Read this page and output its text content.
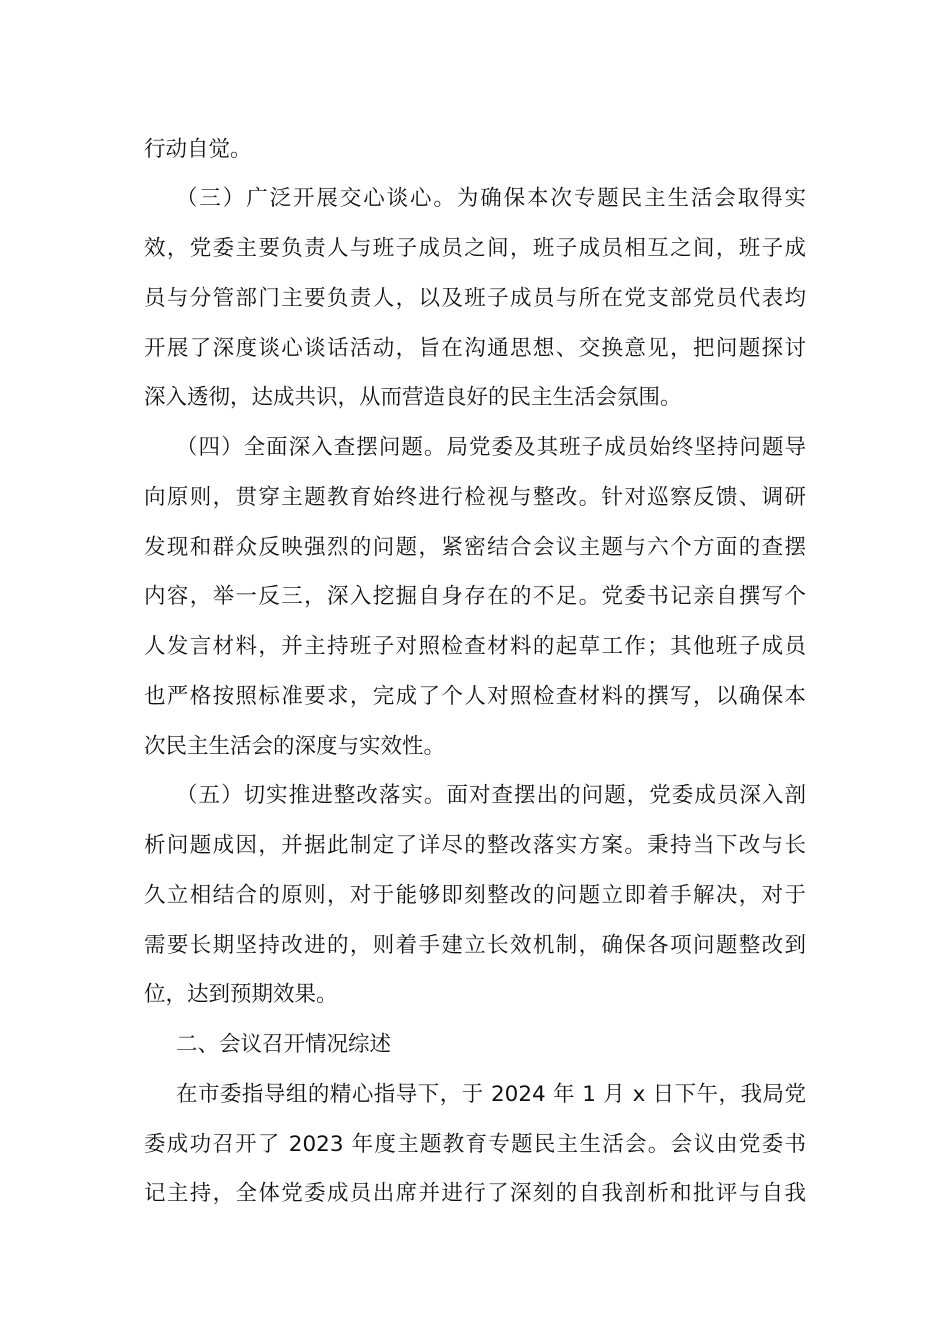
行动自觉。
（三）广泛开展交心谈心。为确保本次专题民主生活会取得实
效，党委主要负责人与班子成员之间，班子成员相互之间，班子成
员与分管部门主要负责人，以及班子成员与所在党支部党员代表均
开展了深度谈心谈话活动，旨在沟通思想、交换意见，把问题探讨
深入透彻，达成共识，从而营造良好的民主生活会氛围。
（四）全面深入查摆问题。局党委及其班子成员始终坚持问题导
向原则，贯穿主题教育始终进行检视与整改。针对巡察反馈、调研
发现和群众反映强烈的问题，紧密结合会议主题与六个方面的查摆
内容，举一反三，深入挖掘自身存在的不足。党委书记亲自撰写个
人发言材料，并主持班子对照检查材料的起草工作；其他班子成员
也严格按照标准要求，完成了个人对照检查材料的撰写，以确保本
次民主生活会的深度与实效性。
（五）切实推进整改落实。面对查摆出的问题，党委成员深入剖
析问题成因，并据此制定了详尽的整改落实方案。秉持当下改与长
久立相结合的原则，对于能够即刻整改的问题立即着手解决，对于
需要长期坚持改进的，则着手建立长效机制，确保各项问题整改到
位，达到预期效果。
二、会议召开情况综述
在市委指导组的精心指导下，于 2024 年 1 月 x 日下午，我局党
委成功召开了 2023 年度主题教育专题民主生活会。会议由党委书
记主持，全体党委成员出席并进行了深刻的自我剖析和批评与自我
